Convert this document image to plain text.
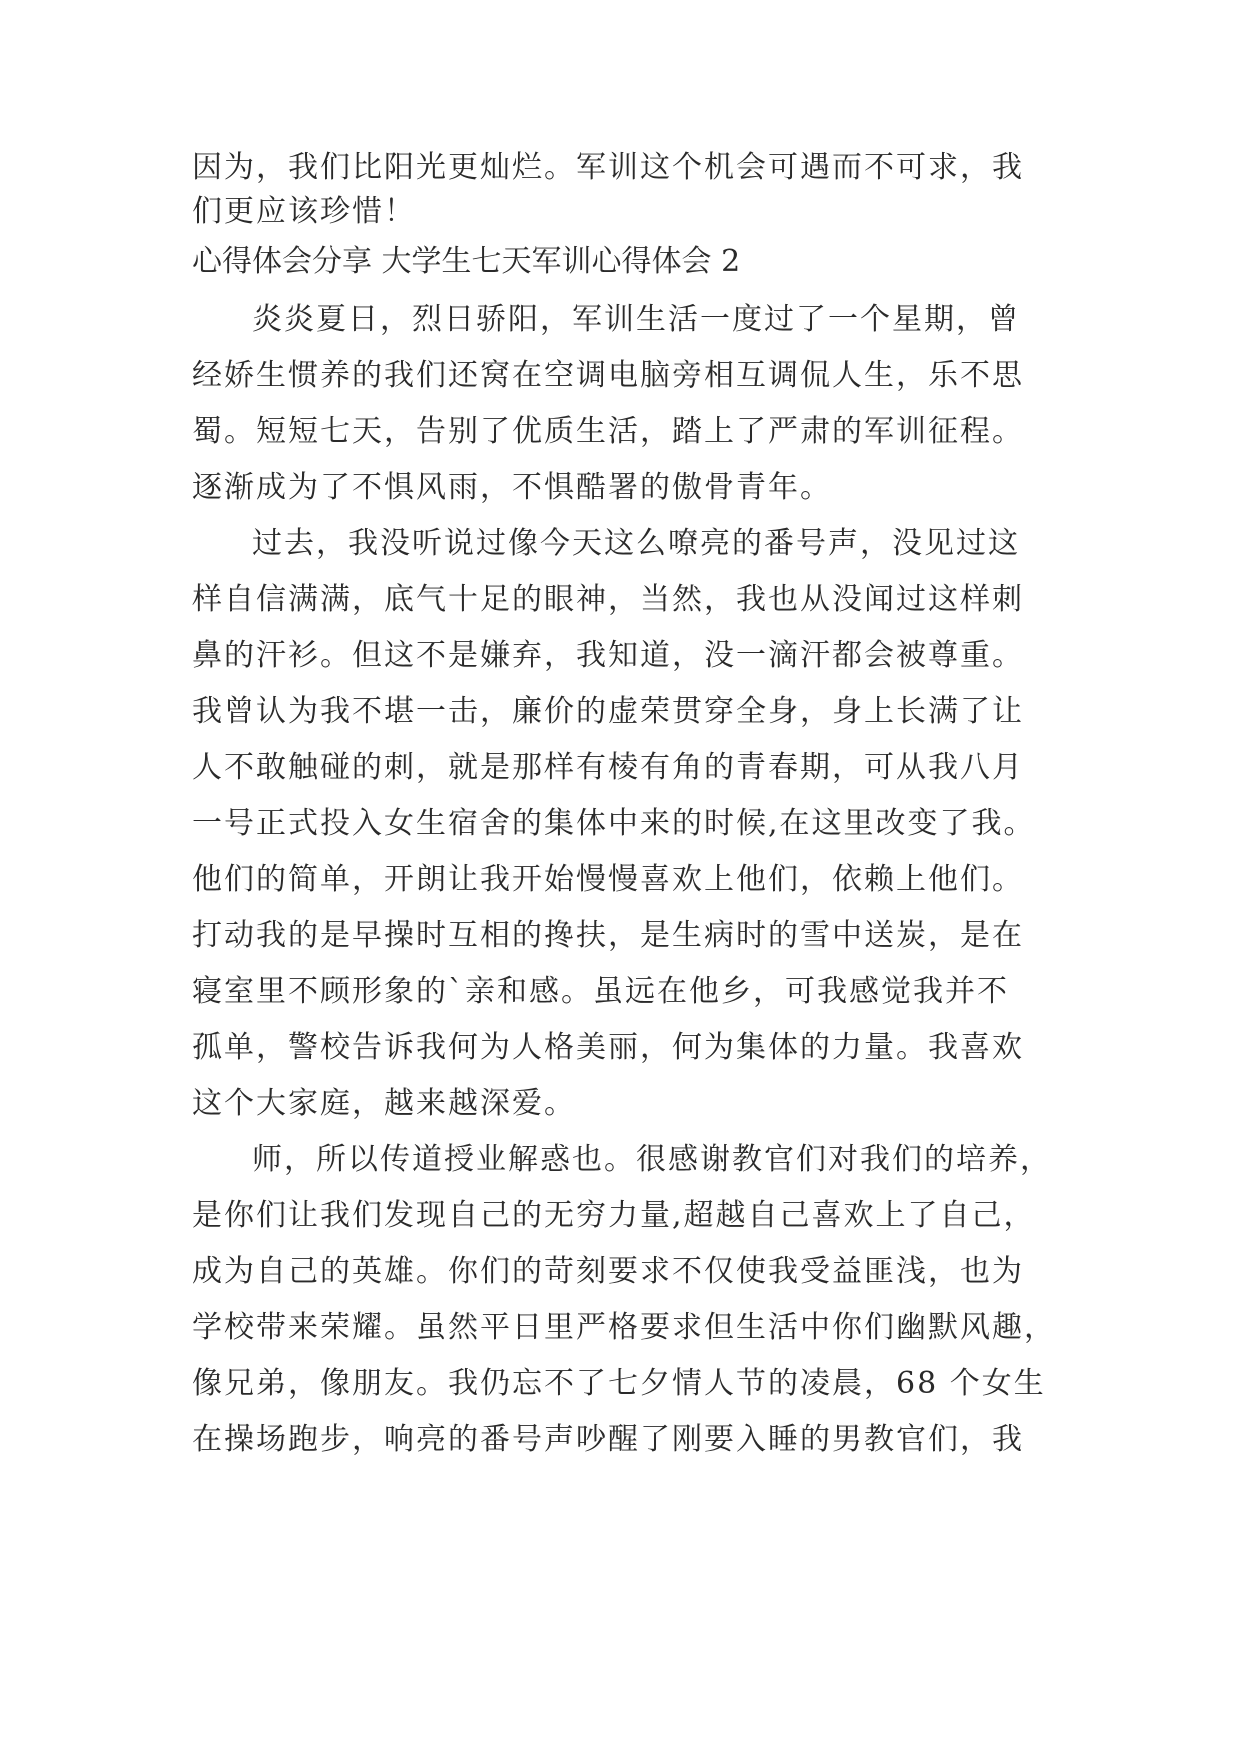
因为，我们比阳光更灿烂。军训这个机会可遇而不可求，我
们更应该珍惜！
心得体会分享 大学生七天军训心得体会 2
炎炎夏日，烈日骄阳，军训生活一度过了一个星期，曾
经娇生惯养的我们还窝在空调电脑旁相互调侃人生，乐不思
蜀。短短七天，告别了优质生活，踏上了严肃的军训征程。
逐渐成为了不惧风雨，不惧酷署的傲骨青年。
过去，我没听说过像今天这么嘹亮的番号声，没见过这
样自信满满，底气十足的眼神，当然，我也从没闻过这样刺
鼻的汗衫。但这不是嫌弃，我知道，没一滴汗都会被尊重。
我曾认为我不堪一击，廉价的虚荣贯穿全身，身上长满了让
人不敢触碰的刺，就是那样有棱有角的青春期，可从我八月
一号正式投入女生宿舍的集体中来的时候,在这里改变了我。
他们的简单，开朗让我开始慢慢喜欢上他们，依赖上他们。
打动我的是早操时互相的搀扶，是生病时的雪中送炭，是在
寝室里不顾形象的`亲和感。虽远在他乡，可我感觉我并不
孤单，警校告诉我何为人格美丽，何为集体的力量。我喜欢
这个大家庭，越来越深爱。
师，所以传道授业解惑也。很感谢教官们对我们的培养，
是你们让我们发现自己的无穷力量,超越自己喜欢上了自己，
成为自己的英雄。你们的苛刻要求不仅使我受益匪浅，也为
学校带来荣耀。虽然平日里严格要求但生活中你们幽默风趣，
像兄弟，像朋友。我仍忘不了七夕情人节的凌晨，68 个女生
在操场跑步，响亮的番号声吵醒了刚要入睡的男教官们，我
